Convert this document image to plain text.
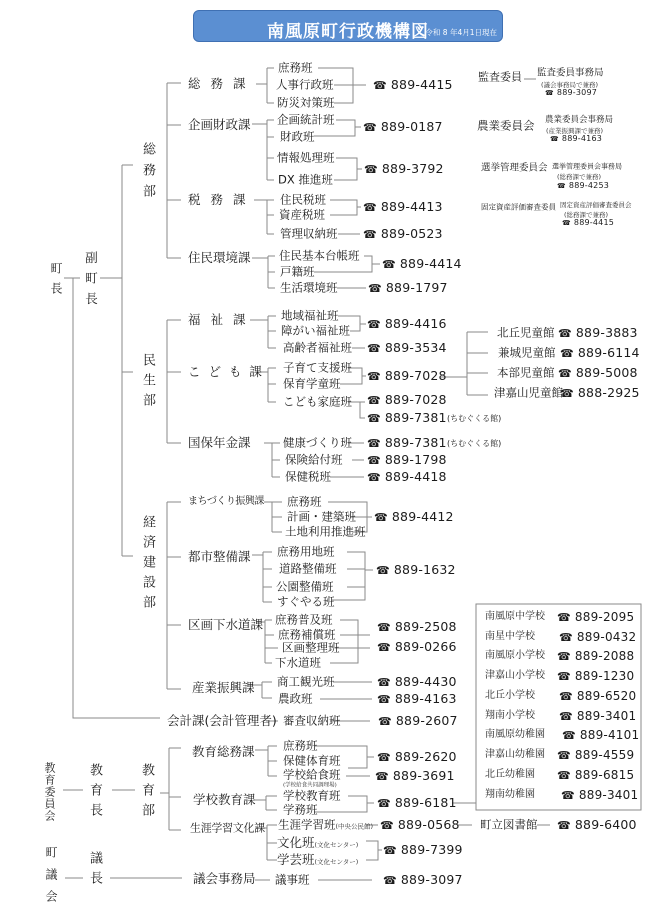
南風原町行政機構図
令和 8 年4月1日現在
町長 副町長
総務部
民生部
経済建設部
教育委員会 教育長	教育部
町議会 議長
監査委員 監査委員事務局
(議会事務局で兼務)
☎ 889-3097
農業委員会 農業委員会事務局
(産業振興課で兼務)
☎ 889-4163
選挙管理委員会 選挙管理委員会事務局
(総務課で兼務)
☎ 889-4253
固定資産評価審査委員 固定資産評価審査委員会
(総務課で兼務)
☎ 889-4415
総 務 課
庶務班
人事行政班
防災対策班
☎ 889-4415
企画財政課 企画統計班
財政班
情報処理班
DX 推進班
☎ 889-0187
☎ 889-3792
税 務 課	住民税班
資産税班
管理収納班
☎ 889-4413
☎ 889-0523
住民環境課 住民基本台帳班
戸籍班
生活環境班
☎ 889-4414
☎ 889-1797
福 祉 課	地域福祉班
障がい福祉班
高齢者福祉班
☎ 889-4416
☎ 889-3534
こ ど も 課 子育て支援班
保育学童班
こども家庭班
☎ 889-7028
☎ 889-7028
☎ 889-7381 (ちむぐくる館)
国保年金課	健康づくり班
保険給付班
保健税班
☎ 889-7381 (ちむぐくる館)
☎ 889-1798
☎ 889-4418
北丘児童館 ☎ 889-3883
兼城児童館 ☎ 889-6114
本部児童館 ☎ 889-5008
津嘉山児童館
☎ 888-2925
まちづくり振興課 庶務班
計画・建築班
土地利用推進班
☎ 889-4412
都市整備課 庶務用地班
道路整備班
公園整備班
すぐやる班
☎ 889-1632
区画下水道課 庶務普及班
庶務補償班
区画整理班
下水道班
☎ 889-2508
☎ 889-0266
産業振興課 商工観光班
農政班
☎ 889-4430
☎ 889-4163
会計課(会計管理者) 審査収納班	☎ 889-2607
教育総務課 庶務班
保健体育班
学校給食班
(学校給食共同調理場)
☎ 889-2620
☎ 889-3691
学校教育課 学校教育班
学務班	☎ 889-6181
生涯学習文化課 生涯学習班(中央公民館)
文化班(文化センター)
学芸班(文化センター)
☎ 889-0568
☎ 889-7399
町立図書館 ☎ 889-6400
議会事務局 議事班	☎ 889-3097
南風原中学校 ☎ 889-2095
南星中学校 ☎ 889-0432
南風原小学校 ☎ 889-2088
津嘉山小学校 ☎ 889-1230
北丘小学校 ☎ 889-6520
翔南小学校 ☎ 889-3401
南風原幼稚園 ☎ 889-4101
津嘉山幼稚園 ☎ 889-4559
北丘幼稚園 ☎ 889-6815
翔南幼稚園 ☎ 889-3401
